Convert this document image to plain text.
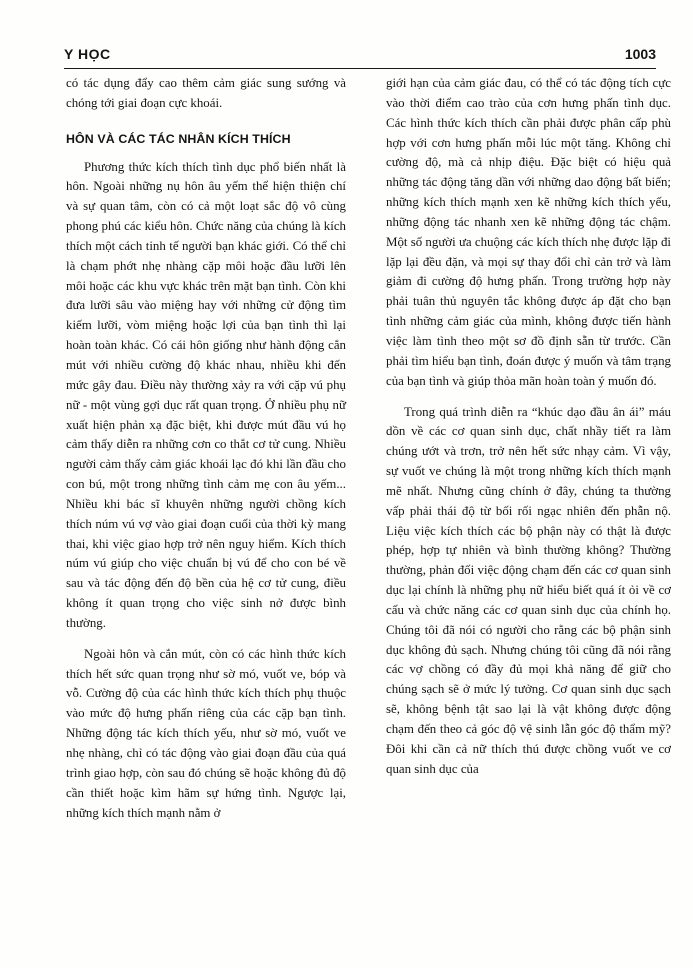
Y HỌC	1003

có tác dụng đẩy cao thêm cảm giác sung sướng và chóng tới giai đoạn cực khoái.

HÔN VÀ CÁC TÁC NHÂN KÍCH THÍCH

Phương thức kích thích tình dục phổ biến nhất là hôn. Ngoài những nụ hôn âu yếm thể hiện thiện chí và sự quan tâm, còn có cả một loạt sắc độ vô cùng phong phú các kiểu hôn. Chức năng của chúng là kích thích một cách tinh tế người bạn khác giới. Có thể chỉ là chạm phớt nhẹ nhàng cặp môi hoặc đầu lưỡi lên môi hoặc các khu vực khác trên mặt bạn tình. Còn khi đưa lưỡi sâu vào miệng hay với những cử động tìm kiếm lưỡi, vòm miệng hoặc lợi của bạn tình thì lại hoàn toàn khác. Có cái hôn giống như hành động cắn mút với nhiều cường độ khác nhau, nhiều khi đến mức gây đau. Điều này thường xảy ra với cặp vú phụ nữ - một vùng gợi dục rất quan trọng. Ở nhiều phụ nữ xuất hiện phản xạ đặc biệt, khi được mút đầu vú họ cảm thấy diễn ra những cơn co thắt cơ tử cung. Nhiều người cảm thấy cảm giác khoái lạc đó khi lần đầu cho con bú, một trong những tình cảm mẹ con âu yếm... Nhiều khi bác sĩ khuyên những người chồng kích thích núm vú vợ vào giai đoạn cuối của thời kỳ mang thai, khi việc giao hợp trở nên nguy hiểm. Kích thích núm vú giúp cho việc chuẩn bị vú để cho con bé về sau và tác động đến độ bền của hệ cơ tử cung, điều không ít quan trọng cho việc sinh nở được bình thường.

Ngoài hôn và cắn mút, còn có các hình thức kích thích hết sức quan trọng như sờ mó, vuốt ve, bóp và vỗ. Cường độ của các hình thức kích thích phụ thuộc vào mức độ hưng phấn riêng của các cặp bạn tình. Những động tác kích thích yếu, như sờ mó, vuốt ve nhẹ nhàng, chỉ có tác động vào giai đoạn đầu của quá trình giao hợp, còn sau đó chúng sẽ hoặc không đủ độ cần thiết hoặc kìm hãm sự hứng tình. Ngược lại, những kích thích mạnh nằm ở

giới hạn của cảm giác đau, có thể có tác động tích cực vào thời điểm cao trào của cơn hưng phấn tình dục. Các hình thức kích thích cần phải được phân cấp phù hợp với cơn hưng phấn mỗi lúc một tăng. Không chỉ cường độ, mà cả nhịp điệu. Đặc biệt có hiệu quả những tác động tăng dần với những dao động bất biến; những kích thích mạnh xen kẽ những kích thích yếu, những động tác nhanh xen kẽ những động tác chậm. Một số người ưa chuộng các kích thích nhẹ được lặp đi lặp lại đều đặn, và mọi sự thay đổi chỉ cản trở và làm giảm đi cường độ hưng phấn. Trong trường hợp này phải tuân thủ nguyên tắc không được áp đặt cho bạn tình những cảm giác của mình, không được tiến hành việc làm tình theo một sơ đồ định sẵn từ trước. Cần phải tìm hiểu bạn tình, đoán được ý muốn và tâm trạng của bạn tình và giúp thỏa mãn hoàn toàn ý muốn đó.

Trong quá trình diễn ra “khúc dạo đầu ân ái” máu dồn về các cơ quan sinh dục, chất nhầy tiết ra làm chúng ướt và trơn, trở nên hết sức nhạy cảm. Vì vậy, sự vuốt ve chúng là một trong những kích thích mạnh mẽ nhất. Nhưng cũng chính ở đây, chúng ta thường vấp phải thái độ từ bối rối ngạc nhiên đến phẫn nộ. Liệu việc kích thích các bộ phận này có thật là được phép, hợp tự nhiên và bình thường không? Thường thường, phản đối việc động chạm đến các cơ quan sinh dục lại chính là những phụ nữ hiểu biết quá ít ỏi về cơ cấu và chức năng các cơ quan sinh dục của chính họ. Chúng tôi đã nói có người cho rằng các bộ phận sinh dục không đủ sạch. Nhưng chúng tôi cũng đã nói rằng các vợ chồng có đầy đủ mọi khả năng để giữ cho chúng sạch sẽ ở mức lý tưởng. Cơ quan sinh dục sạch sẽ, không bệnh tật sao lại là vật không được động chạm đến theo cả góc độ vệ sinh lẫn góc độ thẩm mỹ? Đôi khi cần cả nữ thích thú được chồng vuốt ve cơ quan sinh dục của
